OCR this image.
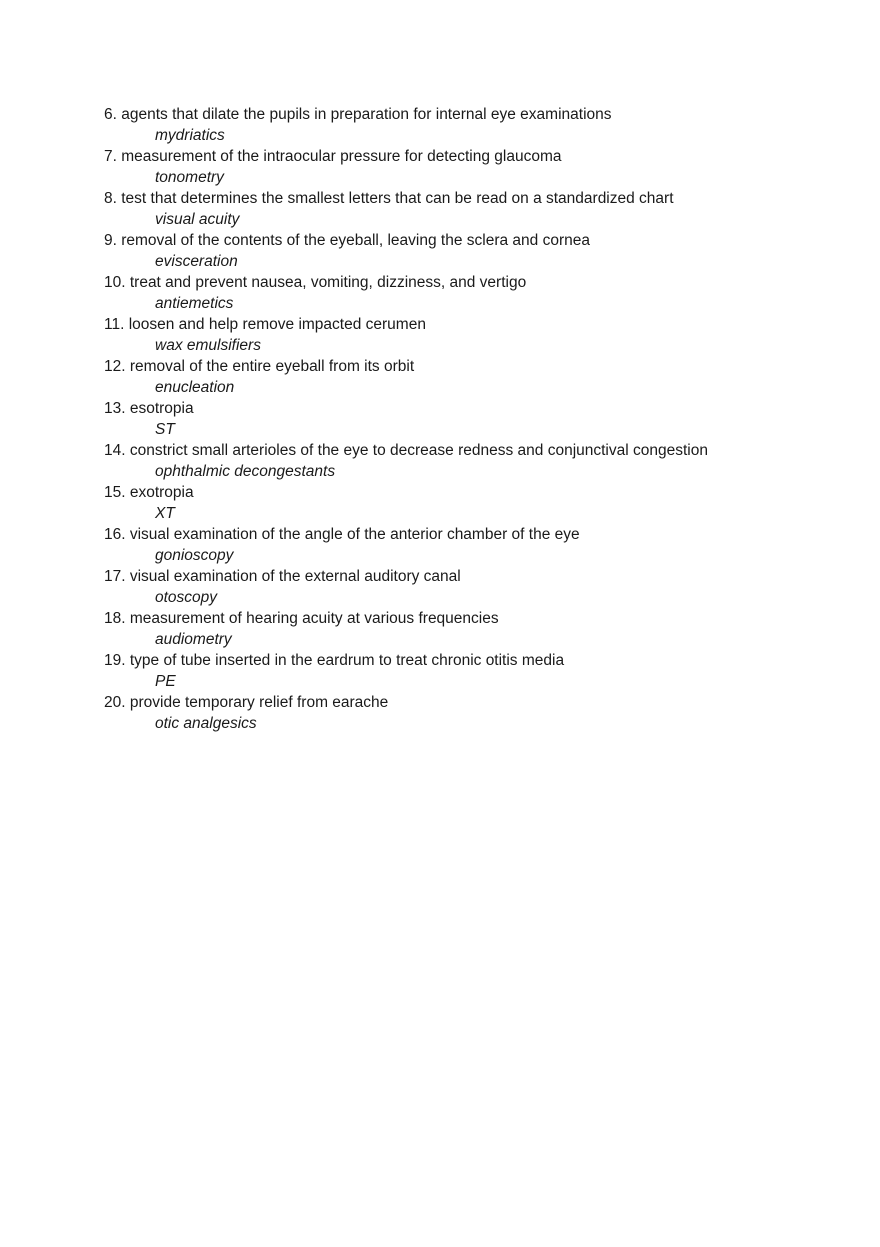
6. agents that dilate the pupils in preparation for internal eye examinations
mydriatics
7. measurement of the intraocular pressure for detecting glaucoma
tonometry
8. test that determines the smallest letters that can be read on a standardized chart
visual acuity
9. removal of the contents of the eyeball, leaving the sclera and cornea
evisceration
10. treat and prevent nausea, vomiting, dizziness, and vertigo
antiemetics
11. loosen and help remove impacted cerumen
wax emulsifiers
12. removal of the entire eyeball from its orbit
enucleation
13. esotropia
ST
14. constrict small arterioles of the eye to decrease redness and conjunctival congestion
ophthalmic decongestants
15. exotropia
XT
16. visual examination of the angle of the anterior chamber of the eye
gonioscopy
17. visual examination of the external auditory canal
otoscopy
18. measurement of hearing acuity at various frequencies
audiometry
19. type of tube inserted in the eardrum to treat chronic otitis media
PE
20. provide temporary relief from earache
otic analgesics
